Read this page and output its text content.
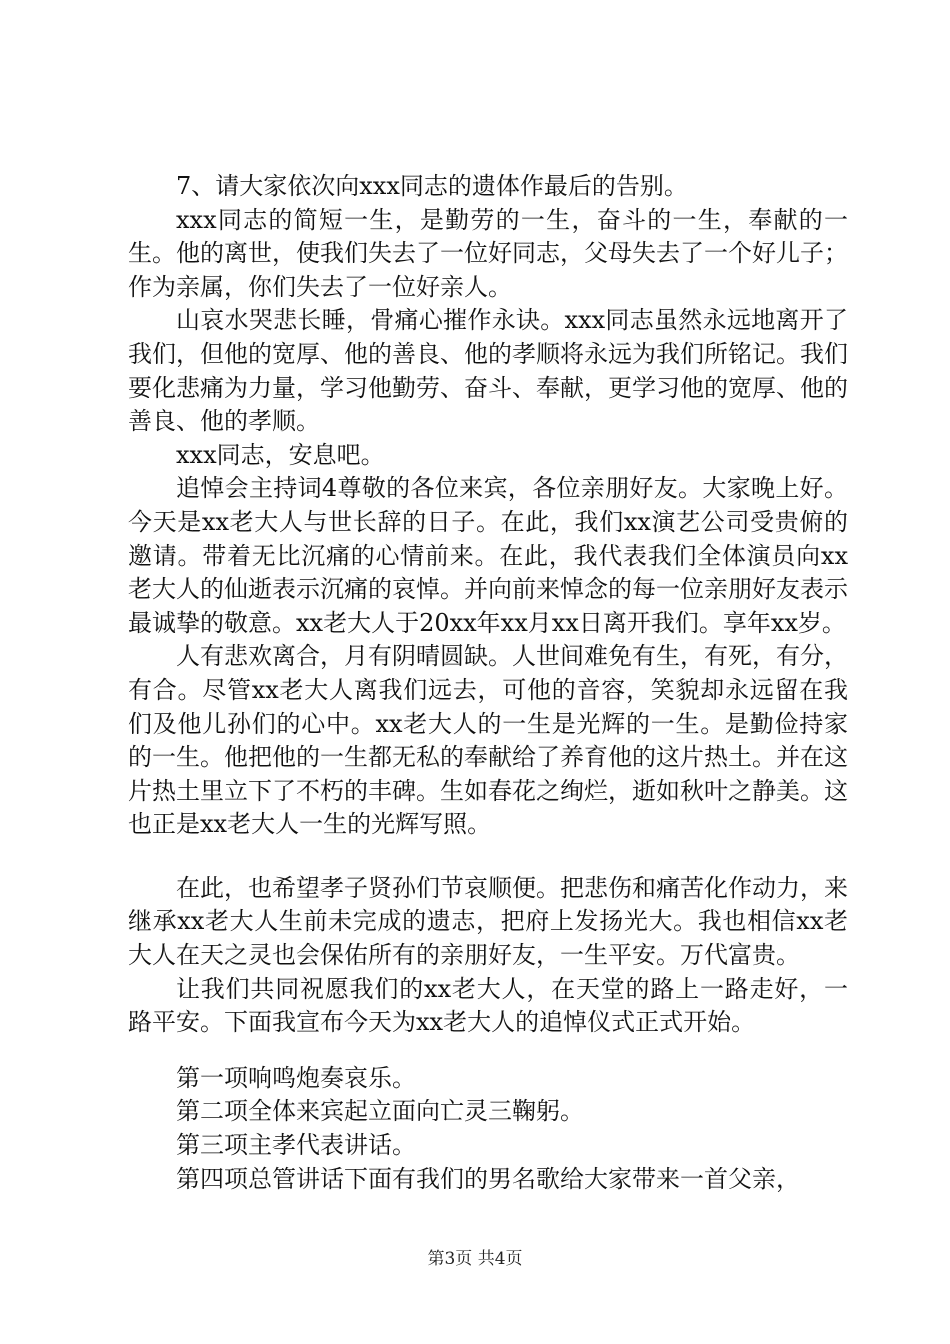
7、请大家依次向xxx同志的遗体作最后的告别。

xxx同志的简短一生，是勤劳的一生，奋斗的一生，奉献的一生。他的离世，使我们失去了一位好同志，父母失去了一个好儿子；作为亲属，你们失去了一位好亲人。

山哀水哭悲长睡，骨痛心摧作永诀。xxx同志虽然永远地离开了我们，但他的宽厚、他的善良、他的孝顺将永远为我们所铭记。我们要化悲痛为力量，学习他勤劳、奋斗、奉献，更学习他的宽厚、他的善良、他的孝顺。

xxx同志，安息吧。

追悼会主持词4尊敬的各位来宾，各位亲朋好友。大家晚上好。今天是xx老大人与世长辞的日子。在此，我们xx演艺公司受贵俯的邀请。带着无比沉痛的心情前来。在此，我代表我们全体演员向xx老大人的仙逝表示沉痛的哀悼。并向前来悼念的每一位亲朋好友表示最诚挚的敬意。xx老大人于20xx年xx月xx日离开我们。享年xx岁。

人有悲欢离合，月有阴晴圆缺。人世间难免有生，有死，有分，有合。尽管xx老大人离我们远去，可他的音容，笑貌却永远留在我们及他儿孙们的心中。xx老大人的一生是光辉的一生。是勤俭持家的一生。他把他的一生都无私的奉献给了养育他的这片热土。并在这片热土里立下了不朽的丰碑。生如春花之绚烂，逝如秋叶之静美。这也正是xx老大人一生的光辉写照。

在此，也希望孝子贤孙们节哀顺便。把悲伤和痛苦化作动力，来继承xx老大人生前未完成的遗志，把府上发扬光大。我也相信xx老大人在天之灵也会保佑所有的亲朋好友，一生平安。万代富贵。

让我们共同祝愿我们的xx老大人，在天堂的路上一路走好，一路平安。下面我宣布今天为xx老大人的追悼仪式正式开始。

第一项响鸣炮奏哀乐。

第二项全体来宾起立面向亡灵三鞠躬。

第三项主孝代表讲话。

第四项总管讲话下面有我们的男名歌给大家带来一首父亲，

第3页 共4页
